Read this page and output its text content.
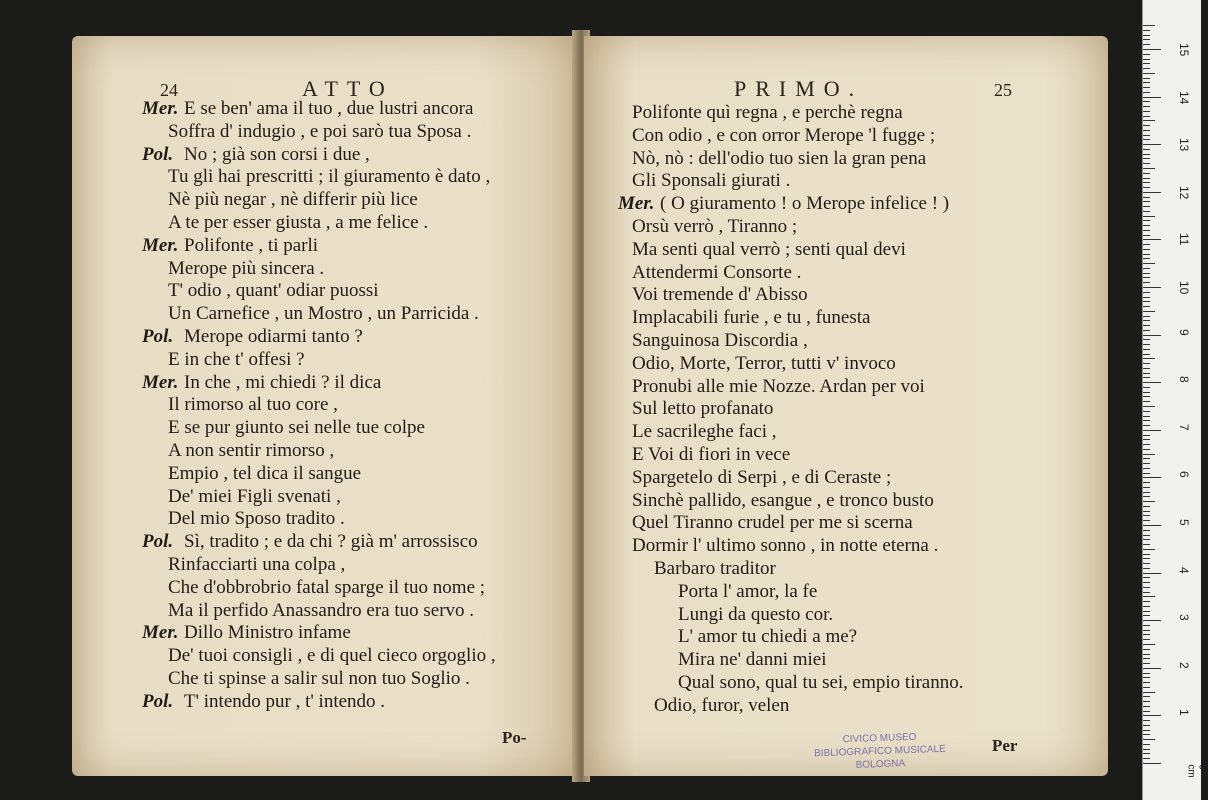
24	ATTO
Mer. E se ben' ama il tuo , due lustri ancora
Soffra d' indugio , e poi sarò tua Sposa .
Pol. No ; già son corsi i due ,
Tu gli hai prescritti ; il giuramento è dato ,
Nè più negar , nè differir più lice
A te per esser giusta , a me felice .
Mer. Polifonte , ti parli
Merope più sincera .
T' odio , quant' odiar puossi
Un Carnefice , un Mostro , un Parricida .
Pol. Merope odiarmi tanto ?
E in che t' offesi ?
Mer. In che , mi chiedi ? il dica
Il rimorso al tuo core ,
E se pur giunto sei nelle tue colpe
A non sentir rimorso ,
Empio , tel dica il sangue
De' miei Figli svenati ,
Del mio Sposo tradito .
Pol. Sì, tradito ; e da chi ? già m' arrossisco
Rinfacciarti una colpa ,
Che d'obbrobrio fatal sparge il tuo nome ;
Ma il perfido Anassandro era tuo servo .
Mer. Dillo Ministro infame
De' tuoi consigli , e di quel cieco orgoglio ,
Che ti spinse a salir sul non tuo Soglio .
Pol. T' intendo pur , t' intendo .
Po-
PRIMO.	25
Polifonte quì regna , e perchè regna
Con odio , e con orror Merope 'l fugge ;
Nò, nò : dell'odio tuo sien la gran pena
Gli Sponsali giurati .
Mer. ( O giuramento ! o Merope infelice ! )
Orsù verrò , Tiranno ;
Ma senti qual verrò ; senti qual devi
Attendermi Consorte .
Voi tremende d' Abisso
Implacabili furie , e tu , funesta
Sanguinosa Discordia ,
Odio, Morte, Terror, tutti v' invoco
Pronubi alle mie Nozze. Ardan per voi
Sul letto profanato
Le sacrileghe faci ,
E Voi di fiori in vece
Spargetelo di Serpi , e di Ceraste ;
Sinchè pallido, esangue , e tronco busto
Quel Tiranno crudel per me si scerna
Dormir l' ultimo sonno , in notte eterna .
Barbaro traditor
Porta l' amor, la fe
Lungi da questo cor.
L' amor tu chiedi a me?
Mira ne' danni miei
Qual sono, qual tu sei, empio tiranno.
Odio, furor, velen
Per
CIVICO MUSEO
BIBLIOGRAFICO MUSICALE
BOLOGNA
1
2
3
4
5
6
7
8
9
10
11
12
13
14
15
0 cm
